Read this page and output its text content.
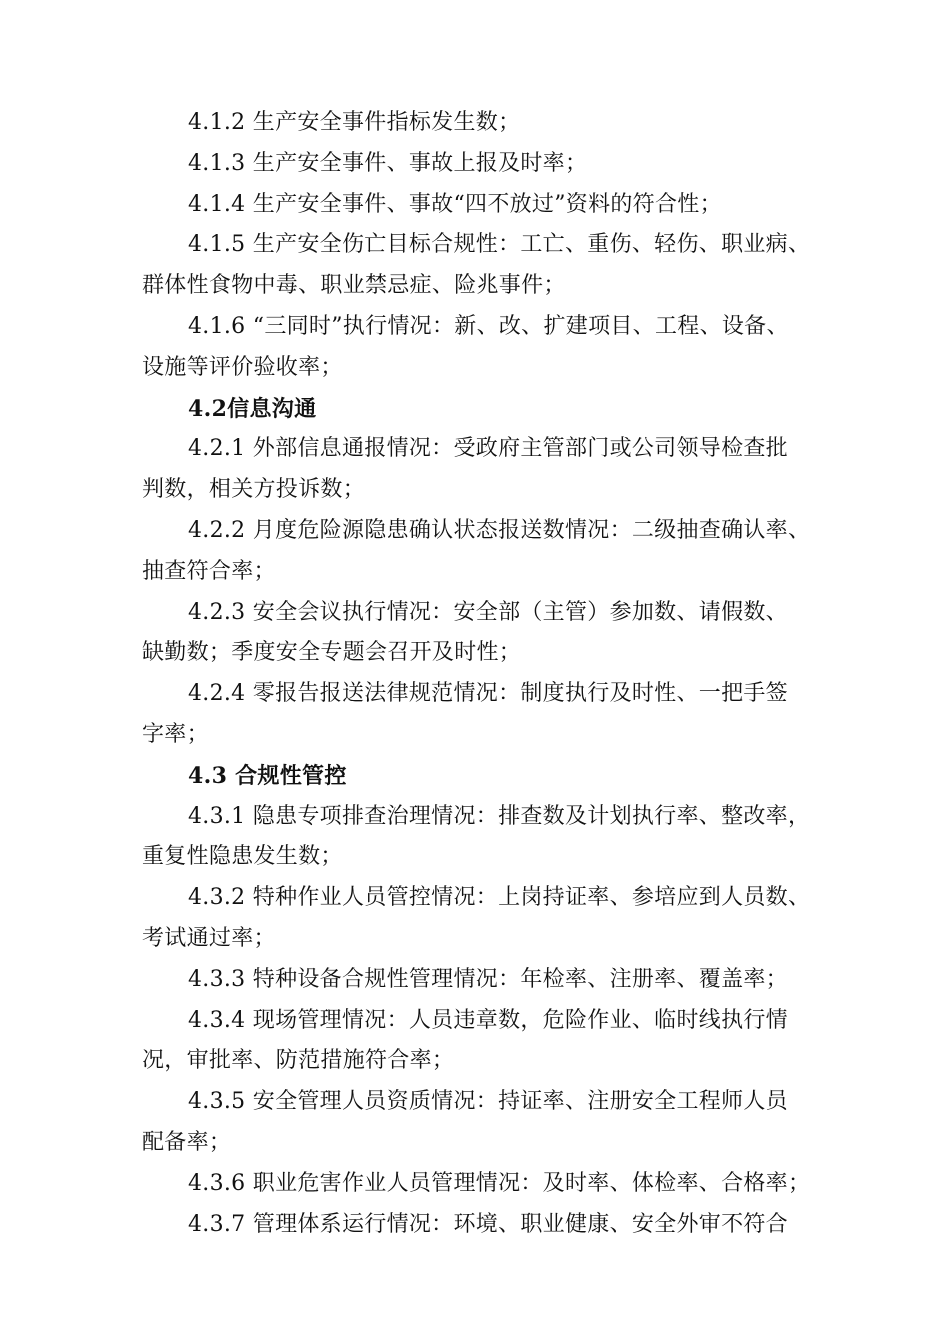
4.1.2 生产安全事件指标发生数；
4.1.3 生产安全事件、事故上报及时率；
4.1.4 生产安全事件、事故“四不放过”资料的符合性；
4.1.5 生产安全伤亡目标合规性：工亡、重伤、轻伤、职业病、
群体性食物中毒、职业禁忌症、险兆事件；
4.1.6 “三同时”执行情况：新、改、扩建项目、工程、设备、
设施等评价验收率；
4.2信息沟通
4.2.1 外部信息通报情况：受政府主管部门或公司领导检查批
判数，相关方投诉数；
4.2.2 月度危险源隐患确认状态报送数情况：二级抽查确认率、
抽查符合率；
4.2.3 安全会议执行情况：安全部（主管）参加数、请假数、
缺勤数；季度安全专题会召开及时性；
4.2.4 零报告报送法律规范情况：制度执行及时性、一把手签
字率；
4.3 合规性管控
4.3.1 隐患专项排查治理情况：排查数及计划执行率、整改率，
重复性隐患发生数；
4.3.2 特种作业人员管控情况：上岗持证率、参培应到人员数、
考试通过率；
4.3.3 特种设备合规性管理情况：年检率、注册率、覆盖率；
4.3.4 现场管理情况：人员违章数，危险作业、临时线执行情
况，审批率、防范措施符合率；
4.3.5 安全管理人员资质情况：持证率、注册安全工程师人员
配备率；
4.3.6 职业危害作业人员管理情况：及时率、体检率、合格率；
4.3.7 管理体系运行情况：环境、职业健康、安全外审不符合
